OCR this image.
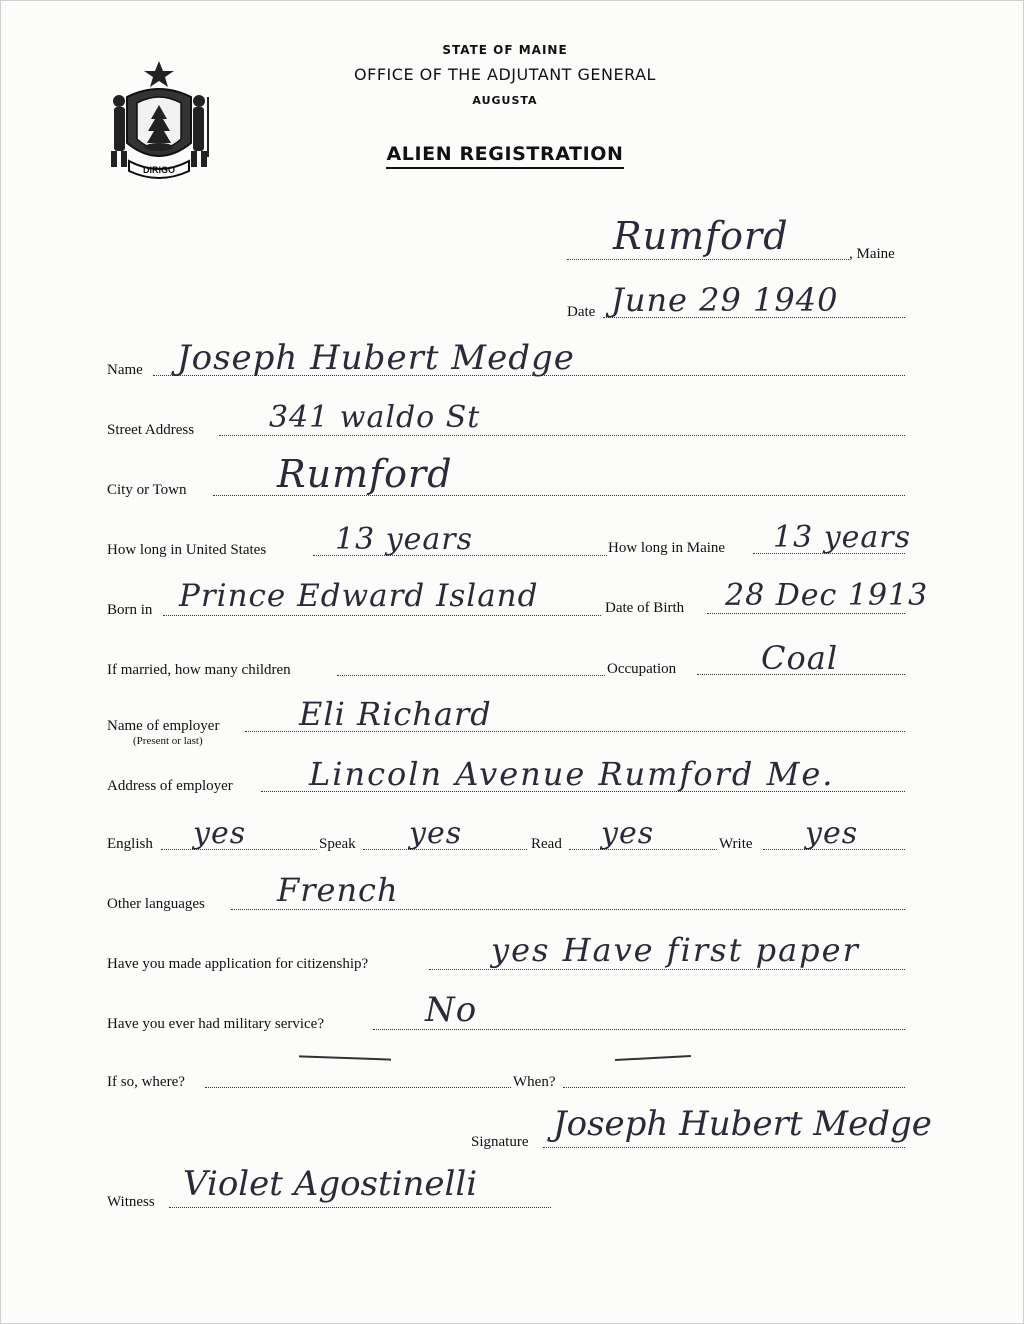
DIRIGO
STATE OF MAINE
OFFICE OF THE ADJUTANT GENERAL
AUGUSTA
ALIEN REGISTRATION
Rumford	, Maine
Date June 29 1940
Name Joseph Hubert Medge
Street Address 341 waldo St
City or Town Rumford
How long in United States 13 years	How long in Maine 13 years
Born in Prince Edward Island	Date of Birth 28 Dec 1913
If married, how many children	Occupation	Coal
Name of employer
(Present or last)
Eli Richard
Address of employer Lincoln Avenue Rumford Me.
English yes	Speak yes	Read yes	Write yes
Other languages French
Have you made application for citizenship?	yes Have first paper
Have you ever had military service?	No
If so, where?	When?
Signature Joseph Hubert Medge
Witness Violet Agostinelli
